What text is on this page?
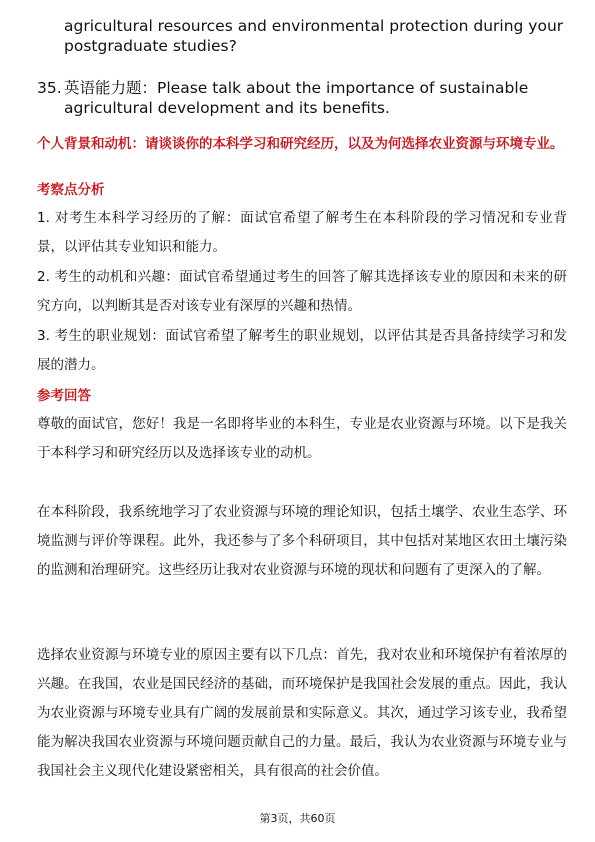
agricultural resources and environmental protection during your postgraduate studies?
35. 英语能力题：Please talk about the importance of sustainable agricultural development and its benefits.
个人背景和动机：请谈谈你的本科学习和研究经历，以及为何选择农业资源与环境专业。
考察点分析
1. 对考生本科学习经历的了解：面试官希望了解考生在本科阶段的学习情况和专业背景，以评估其专业知识和能力。
2. 考生的动机和兴趣：面试官希望通过考生的回答了解其选择该专业的原因和未来的研究方向，以判断其是否对该专业有深厚的兴趣和热情。
3. 考生的职业规划：面试官希望了解考生的职业规划，以评估其是否具备持续学习和发展的潜力。
参考回答
尊敬的面试官，您好！我是一名即将毕业的本科生，专业是农业资源与环境。以下是我关于本科学习和研究经历以及选择该专业的动机。
在本科阶段，我系统地学习了农业资源与环境的理论知识，包括土壤学、农业生态学、环境监测与评价等课程。此外，我还参与了多个科研项目，其中包括对某地区农田土壤污染的监测和治理研究。这些经历让我对农业资源与环境的现状和问题有了更深入的了解。
选择农业资源与环境专业的原因主要有以下几点：首先，我对农业和环境保护有着浓厚的兴趣。在我国，农业是国民经济的基础，而环境保护是我国社会发展的重点。因此，我认为农业资源与环境专业具有广阔的发展前景和实际意义。其次，通过学习该专业，我希望能为解决我国农业资源与环境问题贡献自己的力量。最后，我认为农业资源与环境专业与我国社会主义现代化建设紧密相关，具有很高的社会价值。
第3页，共60页
